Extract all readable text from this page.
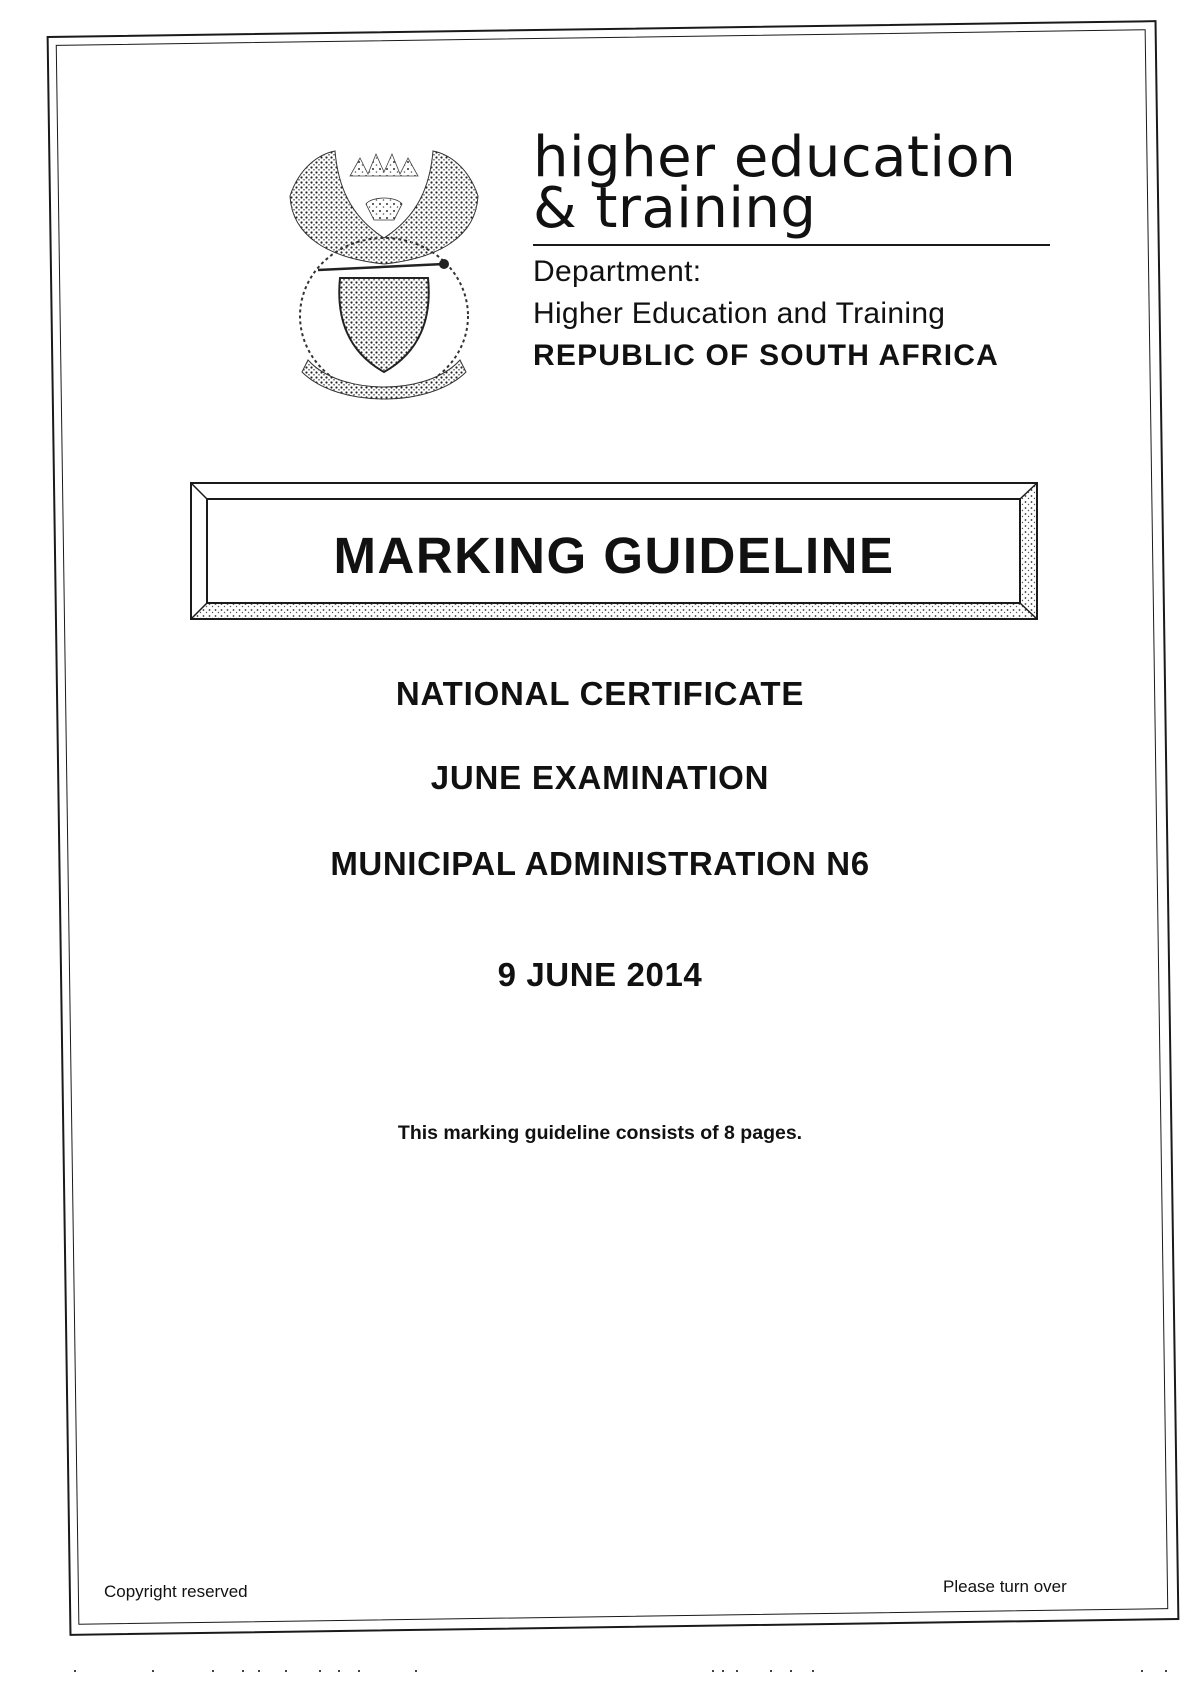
higher education
& training
Department:
Higher Education and Training
REPUBLIC OF SOUTH AFRICA
MARKING GUIDELINE
NATIONAL CERTIFICATE
JUNE EXAMINATION
MUNICIPAL ADMINISTRATION N6
9 JUNE 2014
This marking guideline consists of 8 pages.
Copyright reserved	Please turn over
